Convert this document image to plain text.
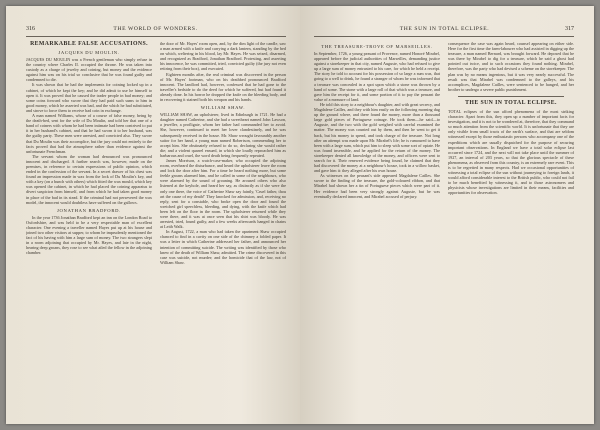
316	THE WORLD OF WONDERS.
REMARKABLE FALSE ACCUSATIONS.
JACQUES DU MOULIN.

JACQUES DU MOULIN was a French gentleman who simply refuse in the country where Charles II. occupied the throne. He was taken into custody as a charge of jewelry and coining, but money and the evidence against him was on his trial so conclusive that he was found guilty and condemned to die.

It was shown that he had the implements for coining locked up in a cabinet, of which he kept the key; and he did admit to use he himself to open it. It was proved that he caused the trader people in bad money; and some coins forward who swore that they had paid such sums to him in good money, which he asserted was bad, and the which he had substituted, and strove to force them to receive bad coin in exchange.

A man named Williams, whose of a course of false money, being by the death-bed, sent for the wife of Du Moulin, and told her that one of a band of coiners with whom he had been intimate had been contrived to put it in her husband's cabinet, and that he had sworn it to her husband, was the guilty party. These men were arrested, and convicted also. They swore that Du Moulin was their accomplice, but the jury could not entirely to the facts proved that had the atmosphere rather than evidence against the unfortunate Frenchman.

The servant whom the woman had denounced was pronounced innocent and discharged. A further search was, however, made on the premises, in reference to certain expressions of public opinion, which ended in the confession of the servant. In a secret drawer of his chest was found an impression made in wax from the lock of Du Moulin's key, and with a key (on a bunch with others) which fitted the wax mould, which key was opened the cabinet, in which he had placed the coining apparatus to divert suspicion from himself, and from which he had taken good money in place of the bad in its stead. If the criminal had not persevered the wax model, the innocent would doubtless have suffered on the gallows.

JONATHAN BRADFORD.

In the year 1736 Jonathan Bradford kept an inn on the London Road to Oxfordshire, and was held to be a very respectable man of excellent character. One evening a traveller named Hayes put up at his house and joined two other visitors at supper, to whom he imprudently mentioned the fact of his having with him a large sum of money. The two strangers slept in a room adjoining that occupied by Mr. Hayes, and late in the night, hearing deep groans, they rose to see what ailed the fellow in the adjoining chamber.

the door of Mr. Hayes' room open, and, by the dim light of the candle, saw a man armed with a knife and carrying a dark lantern, standing by the bed on which, weltering in his blood, lay Mr. Hayes. He was seized, disarmed, and recognized as Bradford, Jonathan Bradford. Protesting, and asserting his innocence, he was committed, tried, convicted guilty (the jury not even retiring from their box), and executed.

Eighteen months after, the real criminal was discovered in the person of Mr. Hayes' footman, who on his deathbed pronounced Bradford innocent. The landlord had, however, confessed that he had gone to the traveller's bedside to do the deed for which he suffered, but had found it already done. In his horror he dropped the knife on the bleeding body, and in recovering it stained both his weapon and his hands.

WILLIAM SHAW.

WILLIAM SHAW, an upholsterer, lived in Edinburgh in 1721. He had a daughter named Catherine, and she had a sweetheart named John Lawson, a jeweller, a profligate, whom her father had commanded her to avoid. She, however, continued to meet her lover clandestinely, and he was subsequently received in the house. Mr. Shaw wrought favourably another suitor for her hand, a young man named Robertson, commending her to accept him. She obstinately refused to do so, declaring she would rather die; and a violent quarrel ensued, in which she loudly reproached him as barbarous and cruel, the word death being frequently repeated.

James Morrison, a watch-case-maker, who occupied the adjoining room, overheard the disturbance, and heard the upholsterer leave the room and lock the door after him. For a time he heard nothing more, but some feeble groans alarmed him, and he called in some of the neighbours, who were alarmed by the sound of groaning. He aroused others who also listened at the keyhole, and heard her say, as distinctly as if she were the only one there, the voice of Catherine Shaw say faintly, 'Cruel father, thou art the cause of my death!' They knocked for admission, and, receiving no reply, sent for a constable, who broke open the door and found the wretched girl speechless, bleeding, and dying, with the knife which had been left on the floor in the room. The upholsterer returned while they were there, and it was at once seen that his shirt was bloody. He was arrested, tried, found guilty, and a few weeks afterwards hanged in chains at Leith Walk.

In August, 1722, a man who had taken the apartment Shaw occupied chanced to find in a cavity on one side of the chimney a folded paper. It was a letter in which Catherine addressed her father, and announced her intention of committing suicide. The writing was identified by those who knew of the death of William Shaw, admitted. The crime discovered in this case was suicide, not murder; and the homicide that of the law, not of William Shaw.

THE SUN IN TOTAL ECLIPSE.	317
THE TREASURE-TROVE OF MARSEILLES.

In September, 1726, a young peasant of Provence, named Honoré Mirabel, appeared before the judicial authorities of Marseilles, demanding justice against a storekeeper in that city, named Auguste, who had refused to give up a large sum of money entrusted to his care, for which he held a receipt. The story he told to account for his possession of so large a sum was, that going to a well to drink, he found a stranger of whom he was informed that a treasure was concealed in a spot upon which a stone was thrown by a hand of some. The stone with a large roll of that which was a treasure, and gave him the receipt for it, and some portion of it to pay the peasant the value of a measure of land.

He told this story to a neighbour's daughter, and with great secrecy, and Magdalene Cailles, and they with him easily on the following morning dug up the ground where, and there found the money, more than a thousand large gold pieces of Portuguese coinage. He took them—he said—to Auguste, and the two with the gold weighed with careful examined the matter. The money was counted out by them, and then he went to get it back, but his money to spend, and took charge of the treasure. Not long after an attempt was made upon Mr. Mirabel's life; he is rumoured to have been with a large sum, which put him to sleep with some sort of opiate. He was found insensible, and he applied for the return of the money. The storekeeper denied all knowledge of the money, and officers were sent to search for it. Their renewed evidence being found, he claimed that they had discovered the money at a neighbour's house, took in a willow basket, and gave him it: they alleged after his own house.

As witnesses on the peasant's side appeared Magdalene Cailles. She swore to the finding of the treasure, the gold-coloured ribbon, and that Mirabel had shown her a tin of Portuguese pieces which were part of it. Her evidence had been very strongly against Auguste, but he was eventually declared innocent, and Mirabel accused of perjury.

consequence the case was again heard, counsel appearing on either side. Here for the first time the farm-labourer who had assisted in digging up the treasure, a man named Bernard, was brought forward. He deposed that he was there by Mirabel to dig for a treasure, which he said a ghost had pointed out twice, and to such occasions they found nothing. Mirabel, therefore, was the party who had devised a scheme on the storekeeper. The plan was by no means ingenious, but it was very nearly successful. The result was that Mirabel was condemned to the galleys, and his accomplices, Magdalene Cailles, were sentenced to be hanged, and her brother to undergo a severe public punishment.

THE SUN IN TOTAL ECLIPSE.

TOTAL eclipses of the sun afford phenomena of the most striking character. Apart from this, they open up a number of important facts for investigation, and it is not to be wondered at, therefore, that they command so much attention from the scientific world. It is unfortunate that they are only visible from small tracts of the earth's surface, and that are seldom witnessed except by those enthusiastic persons who accompany one of the expeditions which are usually dispatched for the purpose of securing important observations. In England we have a total solar eclipse last occurred since 1724, and the next will not take place until the summer of 1927, an interval of 203 years, so that the glorious spectacle of these phenomena, as observed from this country, is an extremely rare event. This is to be regretted in many respects. Had we occasional opportunities of witnessing a total eclipse of the sun without journeying to foreign lands, it would afford considerable interest to the British public, who could not fail to be much benefited by witnessing it, and to those astronomers and physicists whose investigations are limited in their means, facilities and opportunities for observation.
